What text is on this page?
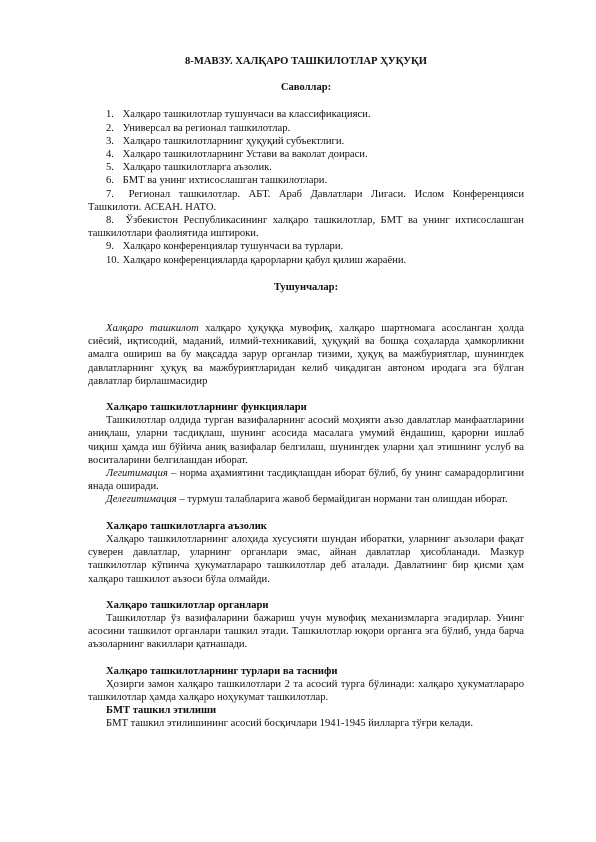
8-МАВЗУ. ХАЛҚАРО ТАШКИЛОТЛАР ҲУҚУҚИ
Саволлар:
1. Халқаро ташкилотлар тушунчаси ва классификацияси.
2. Универсал ва регионал ташкилотлар.
3. Халқаро ташкилотларнинг ҳуқуқий субъектлиги.
4. Халқаро ташкилотларнинг Устави ва ваколат доираси.
5. Халқаро ташкилотларга аъзолик.
6. БМТ ва унинг ихтисослашган ташкилотлари.
7. Регионал ташкилотлар. АБТ. Араб Давлатлари Лигаси. Ислом Конференцияси Ташкилоти. АСЕАН. НАТО.
8. Ўзбекистон Республикасининг халқаро ташкилотлар, БМТ ва унинг ихтисослашган ташкилотлари фаолиятида иштироки.
9. Халқаро конференциялар тушунчаси ва турлари.
10. Халқаро конференцияларда қарорларни қабул қилиш жараёни.
Тушунчалар:

Халқаро ташкилот халқаро ҳуқуққа мувофиқ, халқаро шартномага асосланган ҳолда сиёсий, иқтисодий, маданий, илмий-техникавий, ҳуқуқий ва бошқа соҳаларда ҳамкорликни амалга ошириш ва бу мақсадда зарур органлар тизими, ҳуқуқ ва мажбуриятлар, шунингдек давлатларнинг ҳуқуқ ва мажбуриятларидан келиб чиқадиган автоном иродага эга бўлган давлатлар бирлашмасидир

Халқаро ташкилотларнинг функциялари

Ташкилотлар олдида турган вазифаларнинг асосий моҳияти аъзо давлатлар манфаатларини аниқлаш, уларни тасдиқлаш, шунинг асосида масалага умумий ёндашиш, қарорни ишлаб чиқиш ҳамда иш бўйича аниқ вазифалар белгилаш, шунингдек уларни ҳал этишнинг услуб ва воситаларини белгилашдан иборат.

Легитимация – норма аҳамиятини тасдиқлашдан иборат бўлиб, бу унинг самарадорлигини янада оширади.

Делегитимация – турмуш талабларига жавоб бермайдиган нормани тан олишдан иборат.

Халқаро ташкилотларга аъзолик

Халқаро ташкилотларнинг алоҳида хусусияти шундан иборатки, уларнинг аъзолари фақат суверен давлатлар, уларнинг органлари эмас, айнан давлатлар ҳисобланади. Мазкур ташкилотлар кўпинча ҳукуматлараро ташкилотлар деб аталади. Давлатнинг бир қисми ҳам халқаро ташкилот аъзоси бўла олмайди.

Халқаро ташкилотлар органлари

Ташкилотлар ўз вазифаларини бажариш учун мувофиқ механизмларга эгадирлар. Унинг асосини ташкилот органлари ташкил этади. Ташкилотлар юқори органга эга бўлиб, унда барча аъзоларнинг вакиллари қатнашади.

Халқаро ташкилотларнинг турлари ва таснифи

Ҳозирги замон халқаро ташкилотлари 2 та асосий турга бўлинади: халқаро ҳукуматлараро ташкилотлар ҳамда халқаро ноҳукумат ташкилотлар.

БМТ ташкил этилиши

БМТ ташкил этилишининг асосий босқичлари 1941-1945 йилларга тўғри келади.
